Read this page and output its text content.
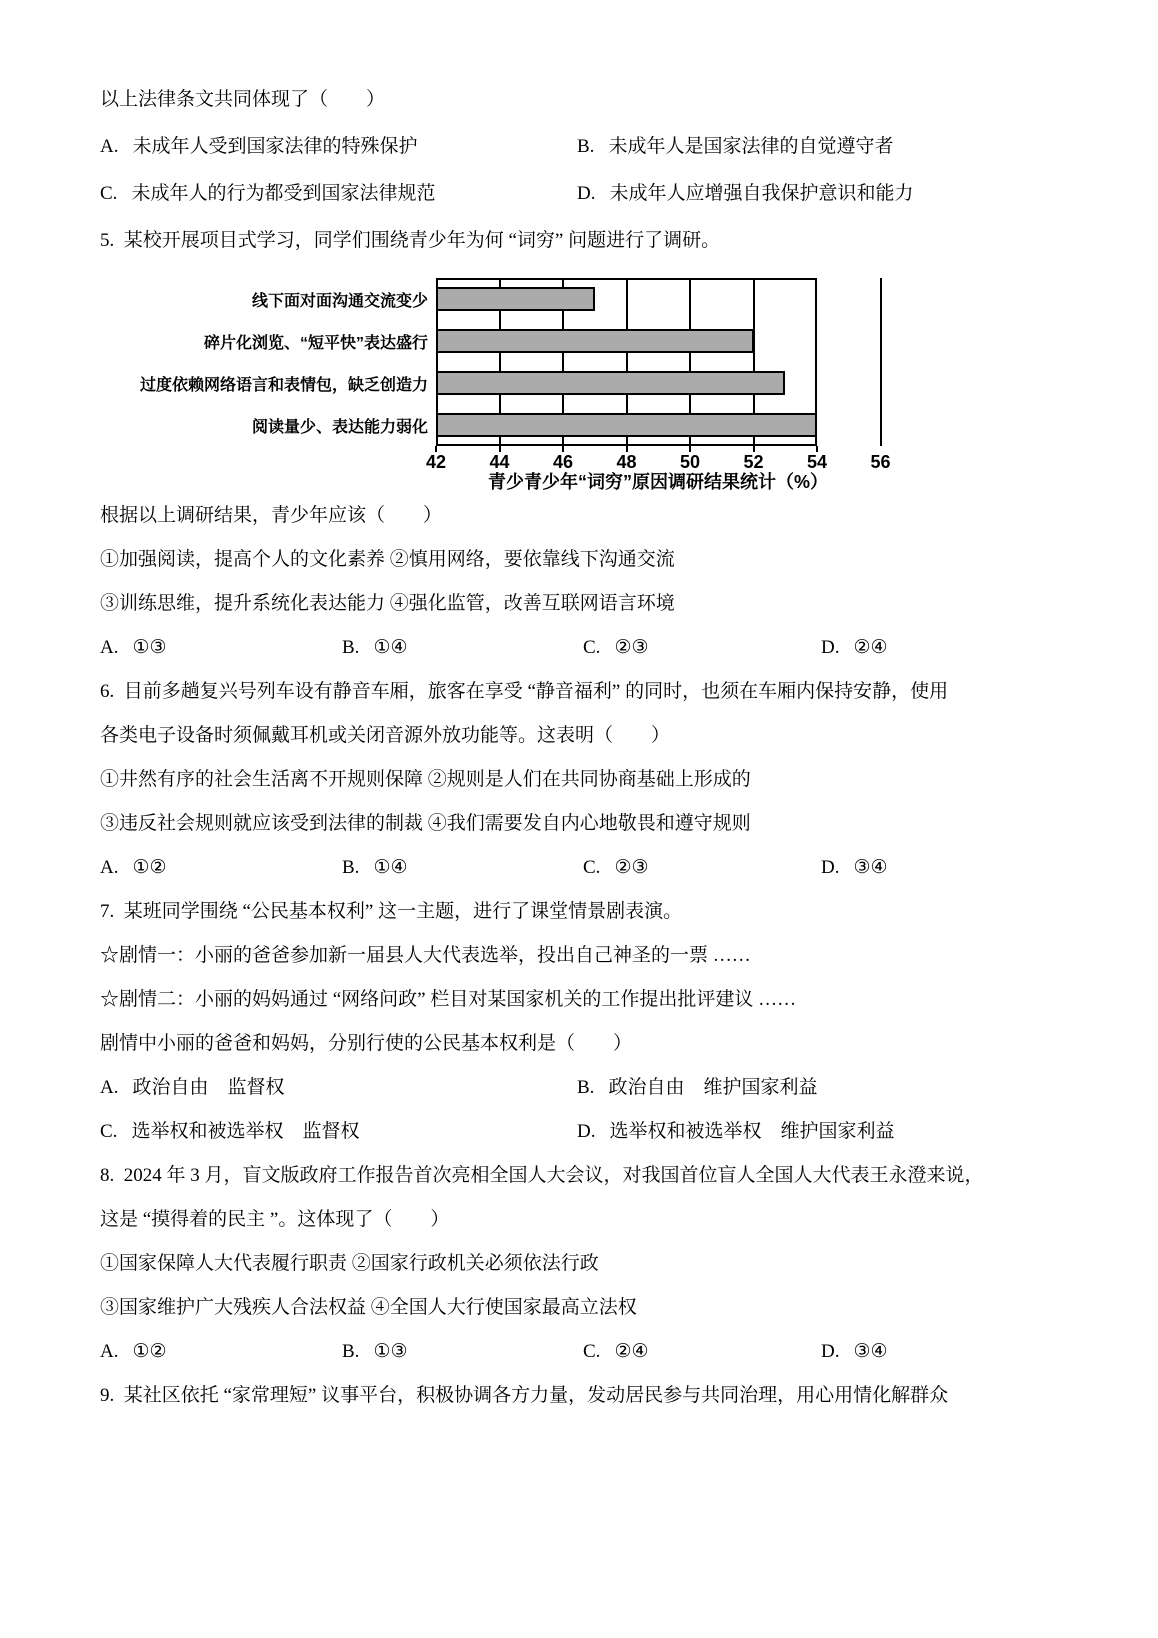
以上法律条文共同体现了（　　）
A. 未成年人受到国家法律的特殊保护	B. 未成年人是国家法律的自觉遵守者
C. 未成年人的行为都受到国家法律规范	D. 未成年人应增强自我保护意识和能力
5.  某校开展项目式学习，同学们围绕青少年为何 “词穷” 问题进行了调研。
线下面对面沟通交流变少
碎片化浏览、“短平快”表达盛行
过度依赖网络语言和表情包，缺乏创造力
阅读量少、表达能力弱化
42	44	46	48	50	52	54	56
青少青少年“词穷”原因调研结果统计（%）
根据以上调研结果，青少年应该（　　）
①加强阅读，提高个人的文化素养 ②慎用网络，要依靠线下沟通交流
③训练思维，提升系统化表达能力 ④强化监管，改善互联网语言环境
A. ①③	B. ①④	C. ②③	D. ②④
6.  目前多趟复兴号列车设有静音车厢，旅客在享受 “静音福利” 的同时，也须在车厢内保持安静，使用
各类电子设备时须佩戴耳机或关闭音源外放功能等。这表明（　　）
①井然有序的社会生活离不开规则保障 ②规则是人们在共同协商基础上形成的
③违反社会规则就应该受到法律的制裁 ④我们需要发自内心地敬畏和遵守规则
A. ①②	B. ①④	C. ②③	D. ③④
7.  某班同学围绕 “公民基本权利” 这一主题，进行了课堂情景剧表演。
☆剧情一：小丽的爸爸参加新一届县人大代表选举，投出自己神圣的一票 ……
☆剧情二：小丽的妈妈通过 “网络问政” 栏目对某国家机关的工作提出批评建议 ……
剧情中小丽的爸爸和妈妈，分别行使的公民基本权利是（　　）
A. 政治自由　监督权	B. 政治自由　维护国家利益
C. 选举权和被选举权　监督权	D. 选举权和被选举权　维护国家利益
8.  2024 年 3 月，盲文版政府工作报告首次亮相全国人大会议，对我国首位盲人全国人大代表王永澄来说，
这是 “摸得着的民主 ”。这体现了（　　）
①国家保障人大代表履行职责 ②国家行政机关必须依法行政
③国家维护广大残疾人合法权益 ④全国人大行使国家最高立法权
A. ①②	B. ①③	C. ②④	D. ③④
9.  某社区依托 “家常理短” 议事平台，积极协调各方力量，发动居民参与共同治理，用心用情化解群众
